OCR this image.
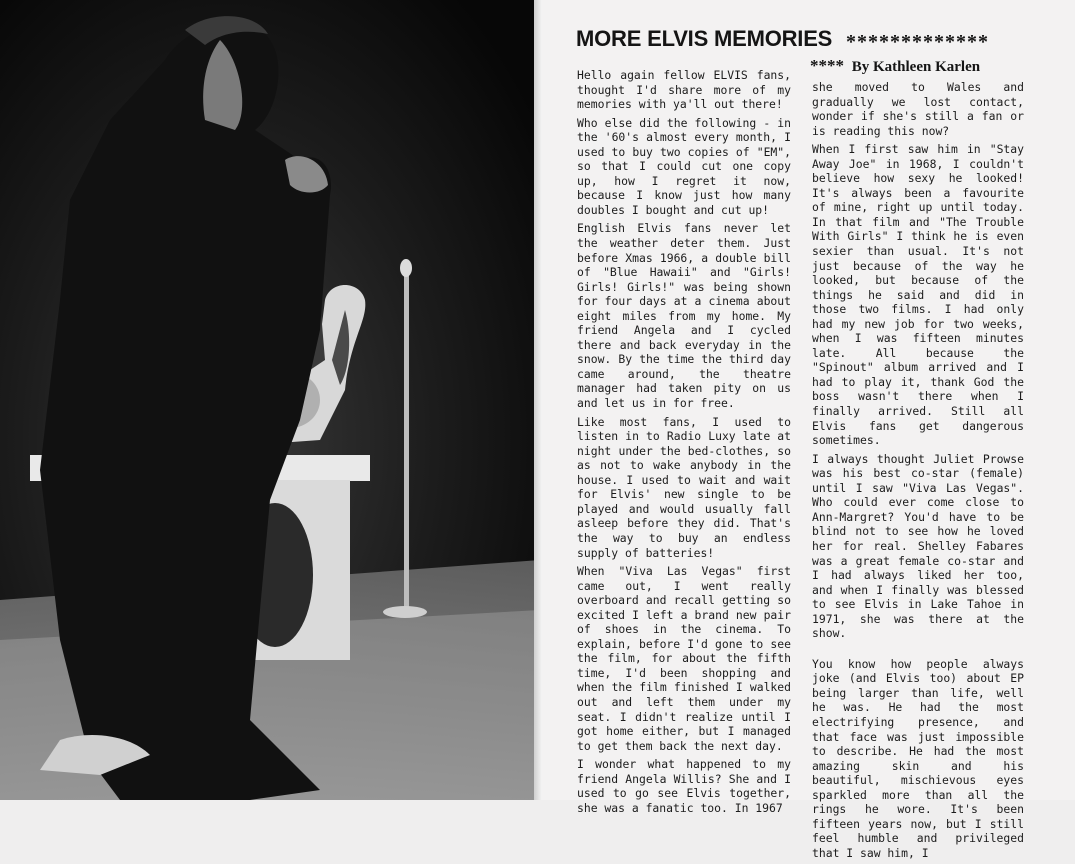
MORE ELVIS MEMORIES *************
**** By Kathleen Karlen

Hello again fellow ELVIS fans, thought I'd share more of my memories with ya'll out there!

Who else did the following - in the '60's almost every month, I used to buy two copies of "EM", so that I could cut one copy up, how I regret it now, because I know just how many doubles I bought and cut up!

English Elvis fans never let the weather deter them. Just before Xmas 1966, a double bill of "Blue Hawaii" and "Girls! Girls! Girls!" was being shown for four days at a cinema about eight miles from my home. My friend Angela and I cycled there and back everyday in the snow. By the time the third day came around, the theatre manager had taken pity on us and let us in for free.

Like most fans, I used to listen in to Radio Luxy late at night under the bed-clothes, so as not to wake anybody in the house. I used to wait and wait for Elvis' new single to be played and would usually fall asleep before they did. That's the way to buy an endless supply of batteries!

When "Viva Las Vegas" first came out, I went really overboard and recall getting so excited I left a brand new pair of shoes in the cinema. To explain, before I'd gone to see the film, for about the fifth time, I'd been shopping and when the film finished I walked out and left them under my seat. I didn't realize until I got home either, but I managed to get them back the next day.

I wonder what happened to my friend Angela Willis? She and I used to go see Elvis together, she was a fanatic too. In 1967

she moved to Wales and gradually we lost contact, wonder if she's still a fan or is reading this now?

When I first saw him in "Stay Away Joe" in 1968, I couldn't believe how sexy he looked! It's always been a favourite of mine, right up until today. In that film and "The Trouble With Girls" I think he is even sexier than usual. It's not just because of the way he looked, but because of the things he said and did in those two films. I had only had my new job for two weeks, when I was fifteen minutes late. All because the "Spinout" album arrived and I had to play it, thank God the boss wasn't there when I finally arrived. Still all Elvis fans get dangerous sometimes.

I always thought Juliet Prowse was his best co-star (female) until I saw "Viva Las Vegas". Who could ever come close to Ann-Margret? You'd have to be blind not to see how he loved her for real. Shelley Fabares was a great female co-star and I had always liked her too, and when I finally was blessed to see Elvis in Lake Tahoe in 1971, she was there at the show.

You know how people always joke (and Elvis too) about EP being larger than life, well he was. He had the most electrifying presence, and that face was just impossible to describe. He had the most amazing skin and his beautiful, mischievous eyes sparkled more than all the rings he wore. It's been fifteen years now, but I still feel humble and privileged that I saw him, I
